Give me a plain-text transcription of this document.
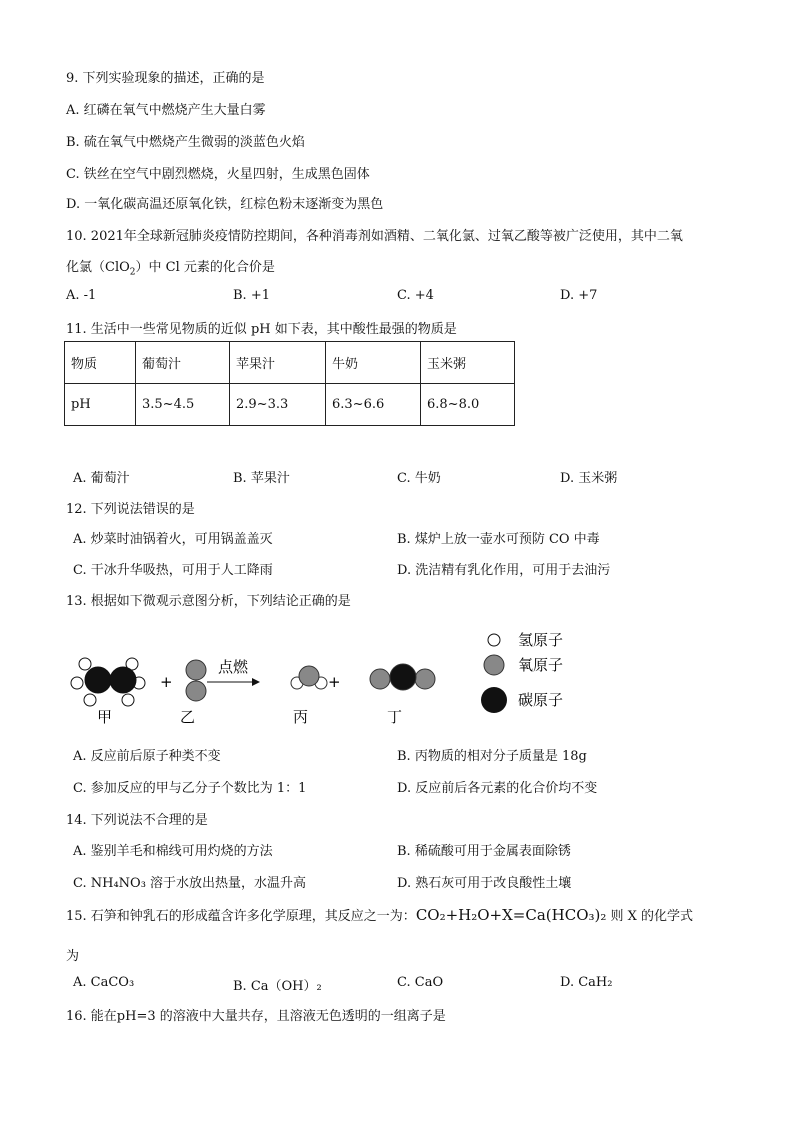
9. 下列实验现象的描述，正确的是
A. 红磷在氧气中燃烧产生大量白雾
B. 硫在氧气中燃烧产生微弱的淡蓝色火焰
C. 铁丝在空气中剧烈燃烧，火星四射，生成黑色固体
D. 一氧化碳高温还原氧化铁，红棕色粉末逐渐变为黑色
10. 2021年全球新冠肺炎疫情防控期间，各种消毒剂如酒精、二氧化氯、过氧乙酸等被广泛使用，其中二氧
化氯（ClO$_2$）中 Cl 元素的化合价是
A. -1	B. +1	C. +4	D. +7
11. 生活中一些常见物质的近似 pH 如下表，其中酸性最强的物质是
物质	葡萄汁	苹果汁	牛奶	玉米粥
pH	3.5~4.5	2.9~3.3	6.3~6.6	6.8~8.0
A. 葡萄汁	B. 苹果汁	C. 牛奶	D. 玉米粥
12. 下列说法错误的是
A. 炒菜时油锅着火，可用锅盖盖灭	B. 煤炉上放一壶水可预防 CO 中毒
C. 干冰升华吸热，可用于人工降雨	D. 洗洁精有乳化作用，可用于去油污
13. 根据如下微观示意图分析，下列结论正确的是
+
点燃
+
甲	乙	丙	丁
氢原子
氧原子
碳原子
A. 反应前后原子种类不变	B. 丙物质的相对分子质量是 18g
C. 参加反应的甲与乙分子个数比为 1：1	D. 反应前后各元素的化合价均不变
14. 下列说法不合理的是
A. 鉴别羊毛和棉线可用灼烧的方法	B. 稀硫酸可用于金属表面除锈
C. NH₄NO₃ 溶于水放出热量，水温升高	D. 熟石灰可用于改良酸性土壤
15. 石笋和钟乳石的形成蕴含许多化学原理，其反应之一为：CO₂+H₂O+X=Ca(HCO₃)₂ 则 X 的化学式
为
A. CaCO₃	B. Ca（OH）₂	C. CaO	D. CaH₂
16. 能在pH=3 的溶液中大量共存，且溶液无色透明的一组离子是
